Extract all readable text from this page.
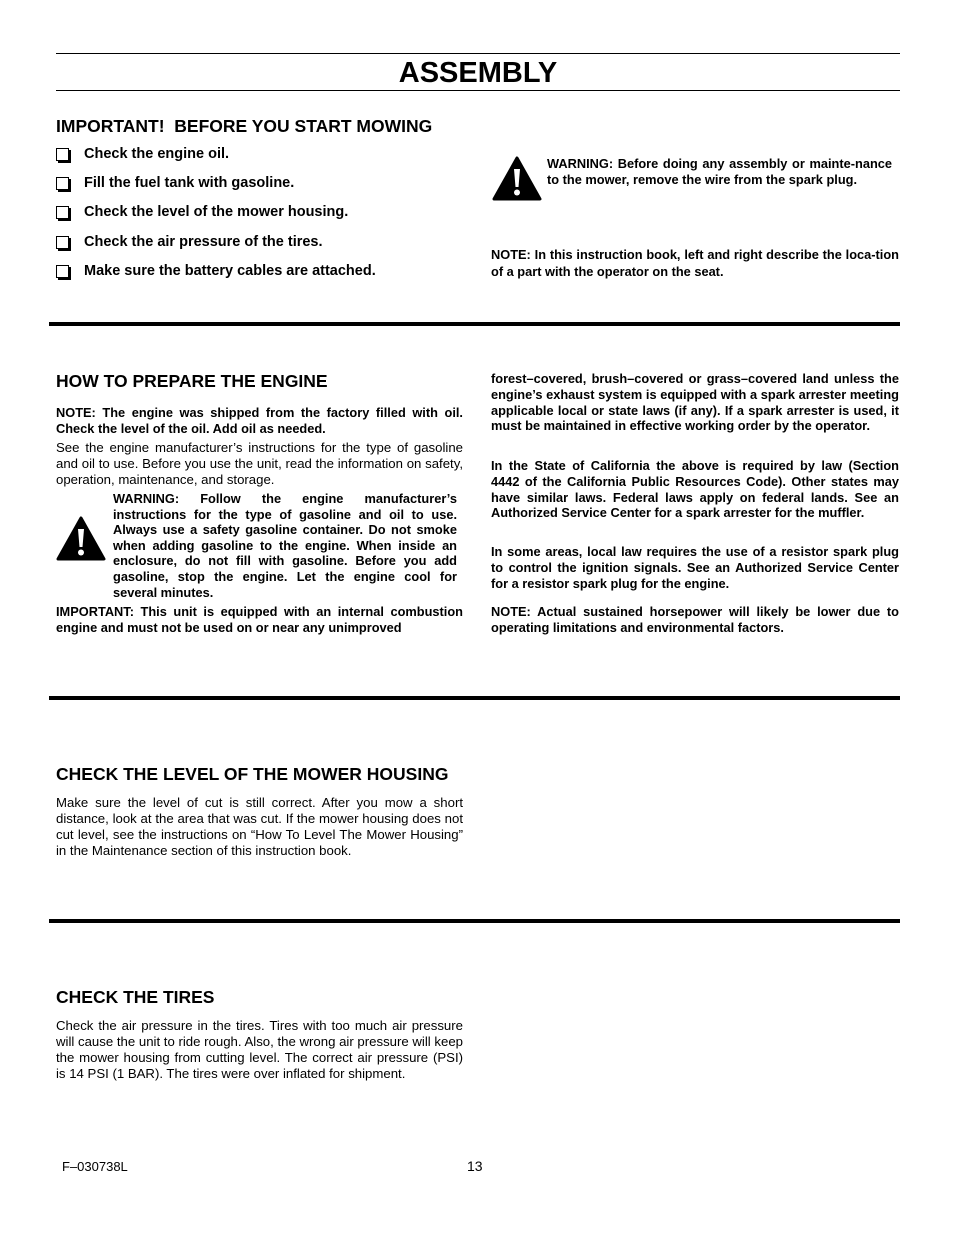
ASSEMBLY
IMPORTANT!  BEFORE YOU START MOWING
Check the engine oil.
Fill the fuel tank with gasoline.
Check the level of the mower housing.
Check the air pressure of the tires.
Make sure the battery cables are attached.

WARNING: Before doing any assembly or mainte-nance to the mower, remove the wire from the spark plug.

NOTE: In this instruction book, left and right describe the loca-tion of a part with the operator on the seat.

HOW TO PREPARE THE ENGINE

NOTE: The engine was shipped from the factory filled with oil. Check the level of the oil. Add oil as needed.

See the engine manufacturer’s instructions for the type of gasoline and oil to use. Before you use the unit, read the information on safety, operation, maintenance, and storage.

WARNING: Follow the engine manufacturer’s instructions for the type of gasoline and oil to use. Always use a safety gasoline container. Do not smoke when adding gasoline to the engine. When inside an enclosure, do not fill with gasoline. Before you add gasoline, stop the engine. Let the engine cool for several minutes.

IMPORTANT: This unit is equipped with an internal combustion engine and must not be used on or near any unimproved

forest–covered, brush–covered or grass–covered land unless the engine’s exhaust system is equipped with a spark arrester meeting applicable local or state laws (if any). If a spark arrester is used, it must be maintained in effective working order by the operator.

In the State of California the above is required by law (Section 4442 of the California Public Resources Code). Other states may have similar laws. Federal laws apply on federal lands. See an Authorized Service Center for a spark arrester for the muffler.

In some areas, local law requires the use of a resistor spark plug to control the ignition signals. See an Authorized Service Center for a resistor spark plug for the engine.

NOTE: Actual sustained horsepower will likely be lower due to operating limitations and environmental factors.

CHECK THE LEVEL OF THE MOWER HOUSING

Make sure the level of cut is still correct. After you mow a short distance, look at the area that was cut. If the mower housing does not cut level, see the instructions on “How To Level The Mower Housing” in the Maintenance section of this instruction book.

CHECK THE TIRES

Check the air pressure in the tires. Tires with too much air pressure will cause the unit to ride rough. Also, the wrong air pressure will keep the mower housing from cutting level. The correct air pressure (PSI) is 14 PSI (1 BAR). The tires were over inflated for shipment.

F–030738L	13
